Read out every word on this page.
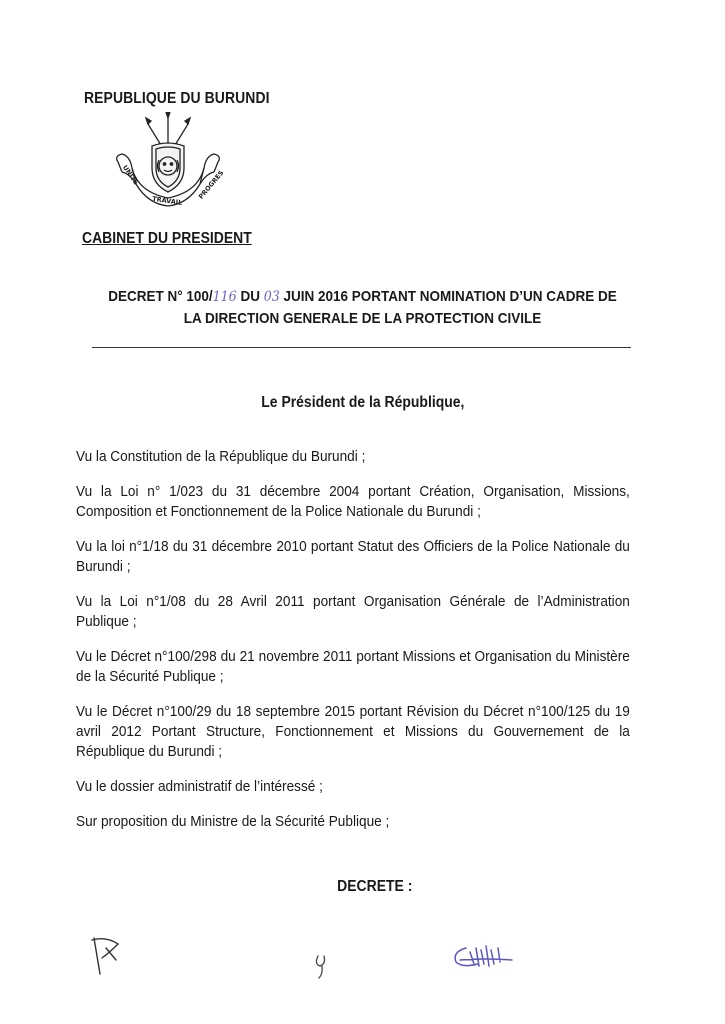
REPUBLIQUE DU BURUNDI
UNITE
TRAVAIL
PROGRES
CABINET DU PRESIDENT
DECRET N° 100/116 DU 03 JUIN 2016 PORTANT NOMINATION D’UN CADRE DE
LA DIRECTION GENERALE DE LA PROTECTION CIVILE
Le Président de la République,

Vu la Constitution de la République du Burundi ;

Vu la Loi n° 1/023 du 31 décembre 2004 portant Création, Organisation, Missions, Composition et Fonctionnement de la Police Nationale du Burundi ;

Vu la loi n°1/18 du 31 décembre 2010 portant Statut des Officiers de la Police Nationale du Burundi ;

Vu la Loi n°1/08 du 28 Avril 2011 portant Organisation Générale de l’Administration Publique ;

Vu le Décret n°100/298 du 21 novembre 2011 portant Missions et Organisation du Ministère de la Sécurité Publique ;

Vu le Décret n°100/29 du 18 septembre 2015 portant Révision du Décret n°100/125 du 19 avril 2012 Portant Structure, Fonctionnement et Missions du Gouvernement de la République du Burundi ;

Vu le dossier administratif de l’intéressé ;

Sur proposition du Ministre de la Sécurité Publique ;

DECRETE :
